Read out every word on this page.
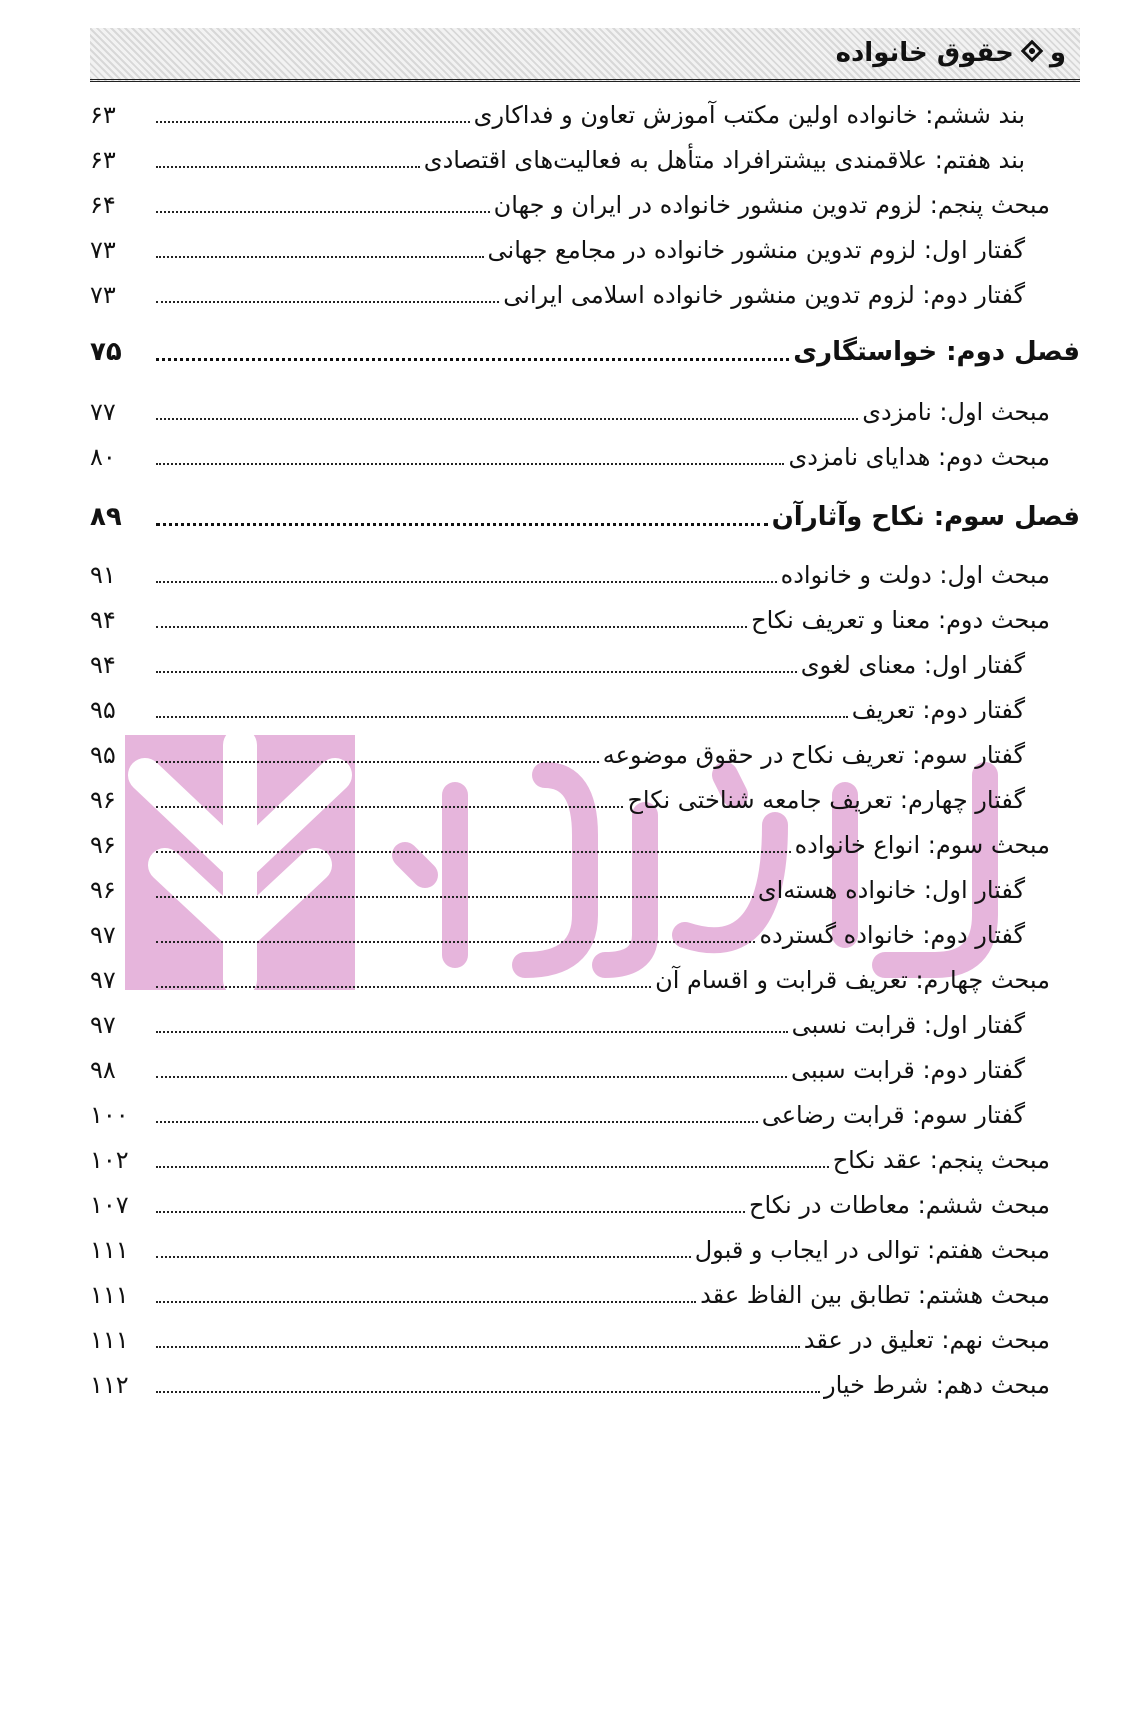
وحقوق خانواده
بند ششم: خانواده اولین مکتب آموزش تعاون و فداکاری
۶۳
بند هفتم: علاقمندی بیشترافراد متأهل به فعالیت‌های اقتصادی
۶۳
مبحث پنجم: لزوم تدوین منشور خانواده در ایران و جهان
۶۴
گفتار اول: لزوم تدوین منشور خانواده در مجامع جهانی
۷۳
گفتار دوم: لزوم تدوین منشور خانواده اسلامی ایرانی
۷۳
فصل دوم: خواستگاری
۷۵
مبحث اول: نامزدی
۷۷
مبحث دوم: هدایای نامزدی
۸۰
فصل سوم: نکاح وآثارآن
۸۹
مبحث اول: دولت و خانواده
۹۱
مبحث دوم: معنا و تعریف نکاح
۹۴
گفتار اول: معنای لغوی
۹۴
گفتار دوم: تعریف
۹۵
گفتار سوم: تعریف نکاح در حقوق موضوعه
۹۵
گفتار چهارم: تعریف جامعه شناختی نکاح
۹۶
مبحث سوم: انواع خانواده
۹۶
گفتار اول: خانواده هسته‌ای
۹۶
گفتار دوم: خانواده گسترده
۹۷
مبحث چهارم: تعریف قرابت و اقسام آن
۹۷
گفتار اول: قرابت نسبی
۹۷
گفتار دوم: قرابت سببی
۹۸
گفتار سوم: قرابت رضاعی
۱۰۰
مبحث پنجم: عقد نکاح
۱۰۲
مبحث ششم: معاطات در نکاح
۱۰۷
مبحث هفتم: توالی در ایجاب و قبول
۱۱۱
مبحث هشتم: تطابق بین الفاظ عقد
۱۱۱
مبحث نهم: تعلیق در عقد
۱۱۱
مبحث دهم: شرط خیار
۱۱۲
